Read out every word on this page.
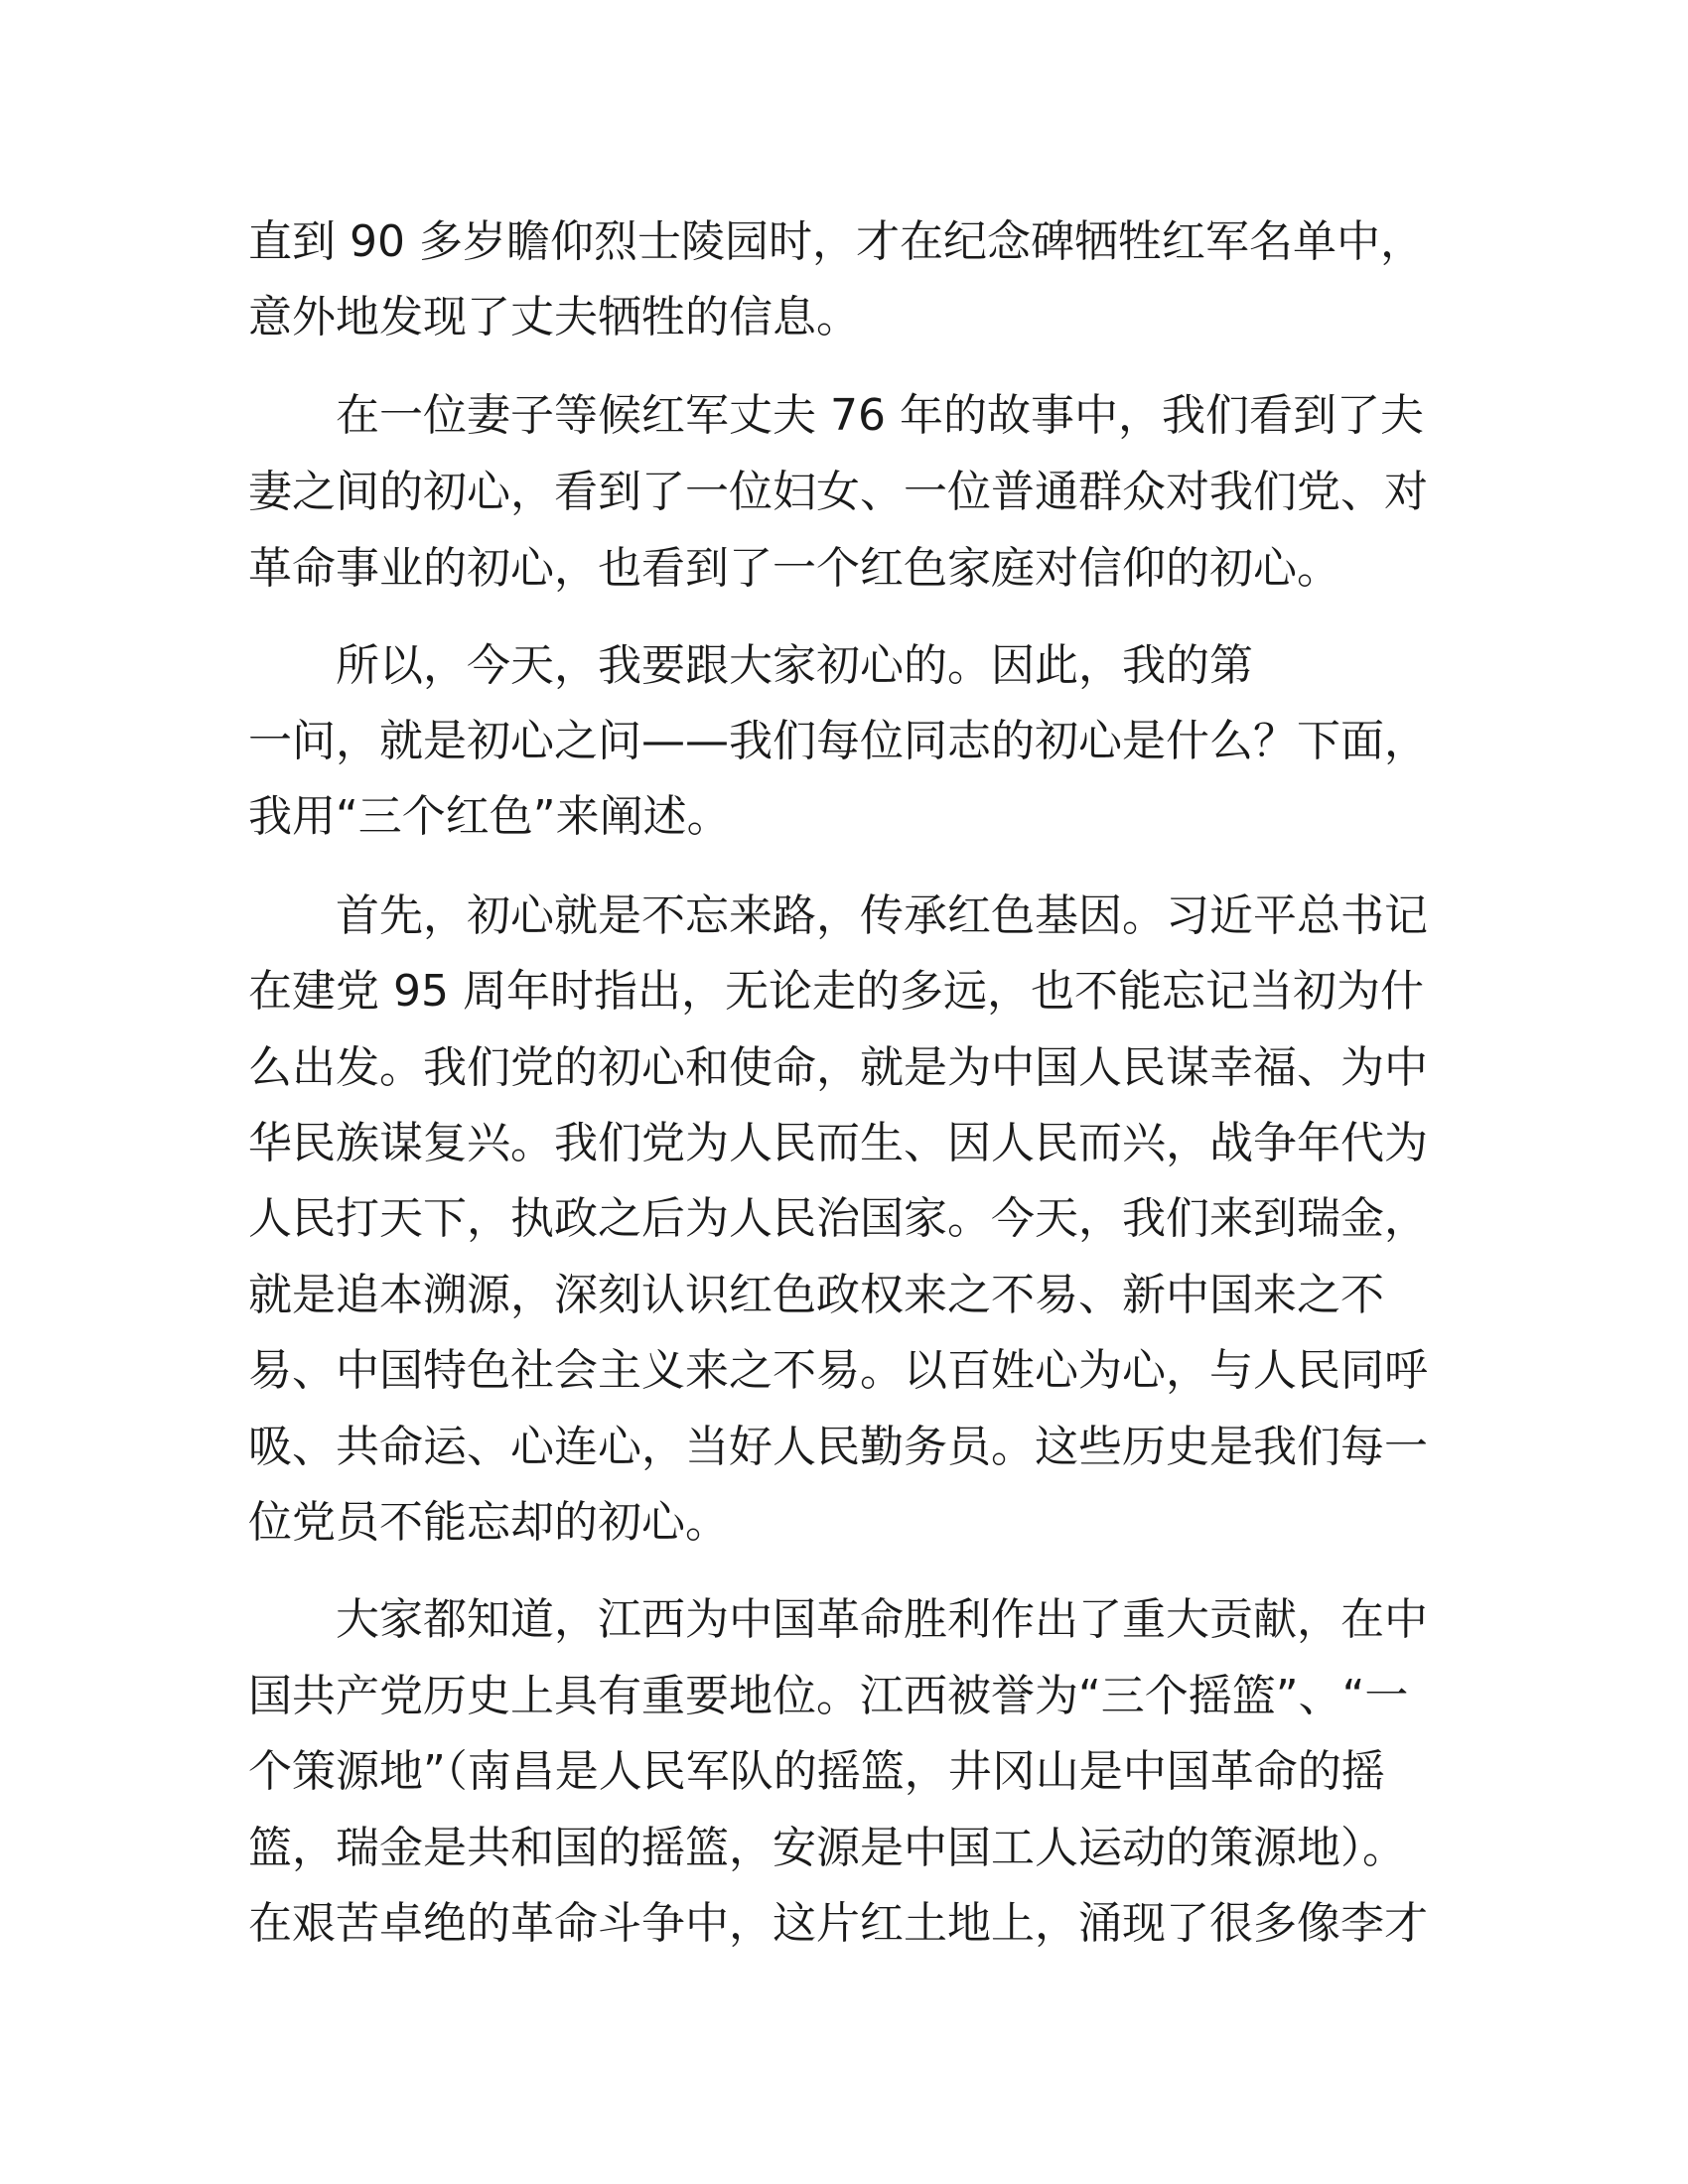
直到 90 多岁瞻仰烈士陵园时，才在纪念碑牺牲红军名单中，
意外地发现了丈夫牺牲的信息。
在一位妻子等候红军丈夫 76 年的故事中，我们看到了夫
妻之间的初心，看到了一位妇女、一位普通群众对我们党、对
革命事业的初心，也看到了一个红色家庭对信仰的初心。
所以，今天，我要跟大家初心的。因此，我的第
一问，就是初心之问——我们每位同志的初心是什么？下面，
我用“三个红色”来阐述。
首先，初心就是不忘来路，传承红色基因。习近平总书记
在建党 95 周年时指出，无论走的多远，也不能忘记当初为什
么出发。我们党的初心和使命，就是为中国人民谋幸福、为中
华民族谋复兴。我们党为人民而生、因人民而兴，战争年代为
人民打天下，执政之后为人民治国家。今天，我们来到瑞金，
就是追本溯源，深刻认识红色政权来之不易、新中国来之不
易、中国特色社会主义来之不易。以百姓心为心，与人民同呼
吸、共命运、心连心，当好人民勤务员。这些历史是我们每一
位党员不能忘却的初心。
大家都知道，江西为中国革命胜利作出了重大贡献，在中
国共产党历史上具有重要地位。江西被誉为“三个摇篮”、“一
个策源地”（南昌是人民军队的摇篮，井冈山是中国革命的摇
篮，瑞金是共和国的摇篮，安源是中国工人运动的策源地）。
在艰苦卓绝的革命斗争中，这片红土地上，涌现了很多像李才
